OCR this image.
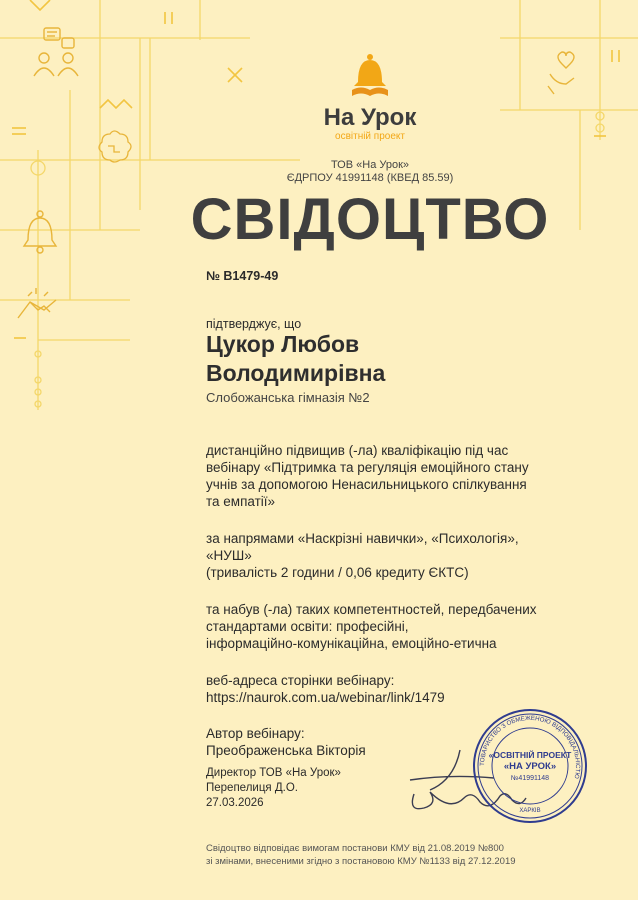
На Урок
освітній проект
ТОВ «На Урок»
ЄДРПОУ 41991148 (КВЕД 85.59)
СВІДОЦТВО
№ В1479-49
підтверджує, що
Цукор Любов
Володимирівна
Слобожанська гімназія №2
дистанційно підвищив (-ла) кваліфікацію під час
вебінару «Підтримка та регуляція емоційного стану
учнів за допомогою Ненасильницького спілкування
та емпатії»
за напрямами «Наскрізні навички», «Психологія»,
«НУШ»
(тривалість 2 години / 0,06 кредиту ЄКТС)
та набув (-ла) таких компетентностей, передбачених
стандартами освіти: професійні,
інформаційно-комунікаційна, емоційно-етична
веб-адреса сторінки вебінару:
https://naurok.com.ua/webinar/link/1479
Автор вебінару:
Преображенська Вікторія
Директор ТОВ «На Урок»
Перепелиця Д.О.
27.03.2026
ТОВАРИСТВО З ОБМЕЖЕНОЮ ВІДПОВІДАЛЬНІСТЮ
«ОСВІТНІЙ ПРОЕКТ
«НА УРОК»
№41991148
ХАРКІВ
Свідоцтво відповідає вимогам постанови КМУ від 21.08.2019 №800
зі змінами, внесеними згідно з постановою КМУ №1133 від 27.12.2019
